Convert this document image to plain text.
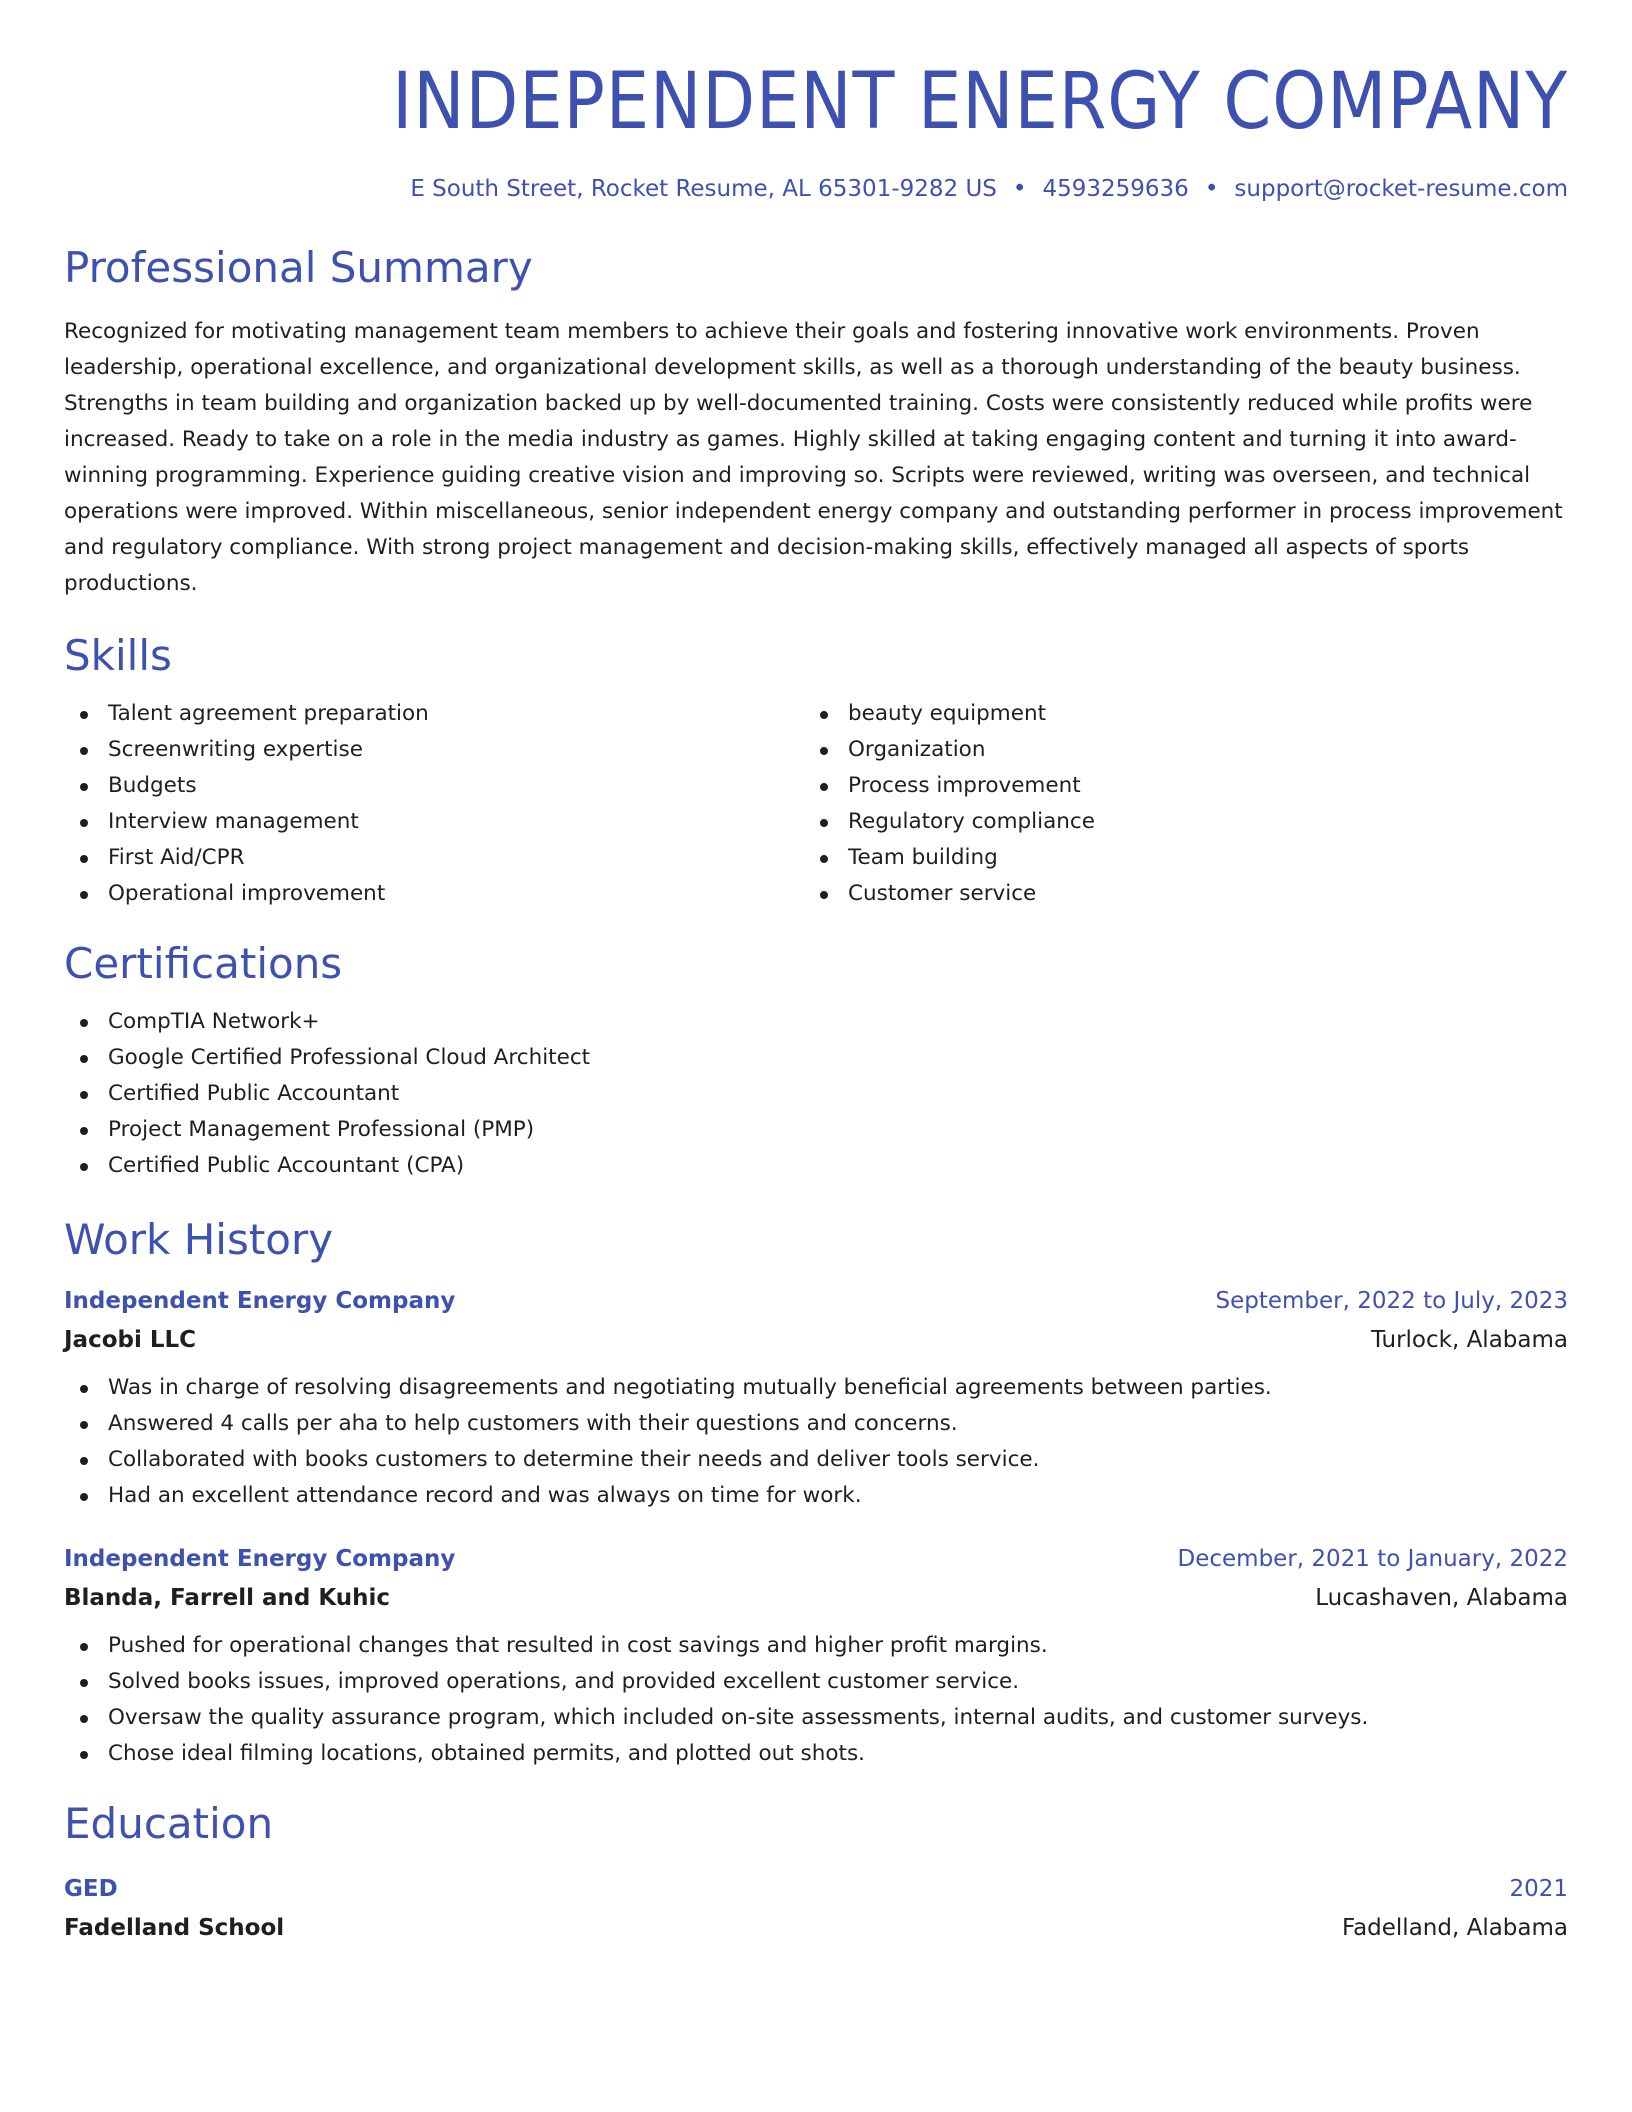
INDEPENDENT ENERGY COMPANY
E South Street, Rocket Resume, AL 65301-9282 US • 4593259636 • support@rocket-resume.com
Professional Summary

Recognized for motivating management team members to achieve their goals and fostering innovative work environments. Proven leadership, operational excellence, and organizational development skills, as well as a thorough understanding of the beauty business. Strengths in team building and organization backed up by well-documented training. Costs were consistently reduced while profits were increased. Ready to take on a role in the media industry as games. Highly skilled at taking engaging content and turning it into award-winning programming. Experience guiding creative vision and improving so. Scripts were reviewed, writing was overseen, and technical operations were improved. Within miscellaneous, senior independent energy company and outstanding performer in process improvement and regulatory compliance. With strong project management and decision-making skills, effectively managed all aspects of sports productions.

Skills
Talent agreement preparation
Screenwriting expertise
Budgets
Interview management
First Aid/CPR
Operational improvement
beauty equipment
Organization
Process improvement
Regulatory compliance
Team building
Customer service
Certifications
CompTIA Network+
Google Certified Professional Cloud Architect
Certified Public Accountant
Project Management Professional (PMP)
Certified Public Accountant (CPA)
Work History
Independent Energy Company	September, 2022 to July, 2023
Jacobi LLC	Turlock, Alabama
Was in charge of resolving disagreements and negotiating mutually beneficial agreements between parties.
Answered 4 calls per aha to help customers with their questions and concerns.
Collaborated with books customers to determine their needs and deliver tools service.
Had an excellent attendance record and was always on time for work.
Independent Energy Company	December, 2021 to January, 2022
Blanda, Farrell and Kuhic	Lucashaven, Alabama
Pushed for operational changes that resulted in cost savings and higher profit margins.
Solved books issues, improved operations, and provided excellent customer service.
Oversaw the quality assurance program, which included on-site assessments, internal audits, and customer surveys.
Chose ideal filming locations, obtained permits, and plotted out shots.
Education
GED	2021
Fadelland School	Fadelland, Alabama
